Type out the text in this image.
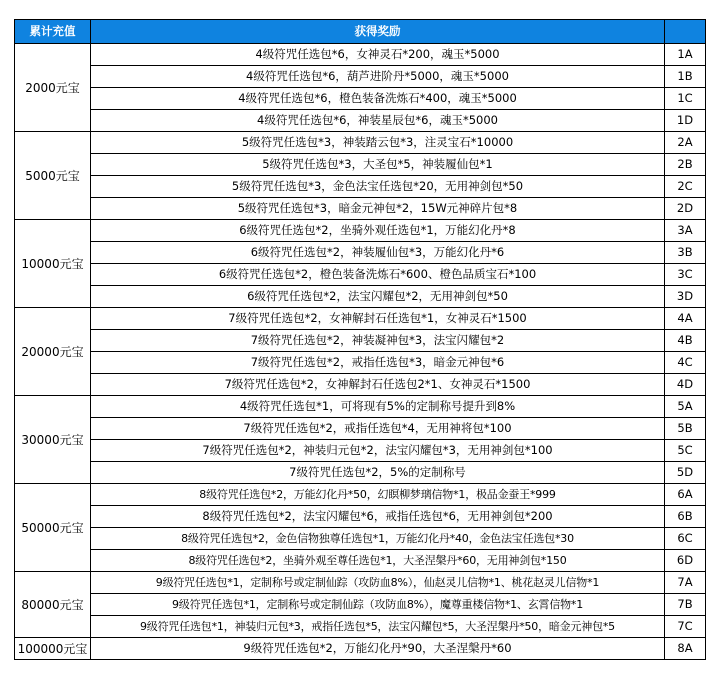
累计充值	获得奖励	
2000元宝	4级符咒任选包*6，女神灵石*200，魂玉*5000	1A
	4级符咒任选包*6，葫芦进阶丹*5000，魂玉*5000	1B
	4级符咒任选包*6，橙色装备洗炼石*400，魂玉*5000	1C
	4级符咒任选包*6，神装星辰包*6，魂玉*5000	1D
5000元宝	5级符咒任选包*3，神装踏云包*3，注灵宝石*10000	2A
	5级符咒任选包*3，大圣包*5，神装履仙包*1	2B
	5级符咒任选包*3，金色法宝任选包*20，无用神剑包*50	2C
	5级符咒任选包*3，暗金元神包*2，15W元神碎片包*8	2D
10000元宝	6级符咒任选包*2，坐骑外观任选包*1，万能幻化丹*8	3A
	6级符咒任选包*2，神装履仙包*3，万能幻化丹*6	3B
	6级符咒任选包*2，橙色装备洗炼石*600、橙色品质宝石*100	3C
	6级符咒任选包*2，法宝闪耀包*2，无用神剑包*50	3D
20000元宝	7级符咒任选包*2，女神解封石任选包*1，女神灵石*1500	4A
	7级符咒任选包*2，神装凝神包*3，法宝闪耀包*2	4B
	7级符咒任选包*2，戒指任选包*3，暗金元神包*6	4C
	7级符咒任选包*2，女神解封石任选包2*1、女神灵石*1500	4D
30000元宝	4级符咒任选包*1，可将现有5%的定制称号提升到8%	5A
	7级符咒任选包*2，戒指任选包*4，无用神将包*100	5B
	7级符咒任选包*2，神装归元包*2，法宝闪耀包*3，无用神剑包*100	5C
	7级符咒任选包*2，5%的定制称号	5D
50000元宝	8级符咒任选包*2，万能幻化丹*50，幻瞑柳梦璃信物*1，极品金蚕王*999	6A
	8级符咒任选包*2，法宝闪耀包*6，戒指任选包*6，无用神剑包*200	6B
	8级符咒任选包*2，金色信物独尊任选包*1，万能幻化丹*40，金色法宝任选包*30	6C
	8级符咒任选包*2，坐骑外观至尊任选包*1，大圣涅槃丹*60，无用神剑包*150	6D
80000元宝	9级符咒任选包*1，定制称号或定制仙踪（攻防血8%），仙赵灵儿信物*1、桃花赵灵儿信物*1	7A
	9级符咒任选包*1，定制称号或定制仙踪（攻防血8%），魔尊重楼信物*1、玄霄信物*1	7B
	9级符咒任选包*1，神装归元包*3，戒指任选包*5，法宝闪耀包*5，大圣涅槃丹*50，暗金元神包*5	7C
100000元宝	9级符咒任选包*2，万能幻化丹*90，大圣涅槃丹*60	8A
